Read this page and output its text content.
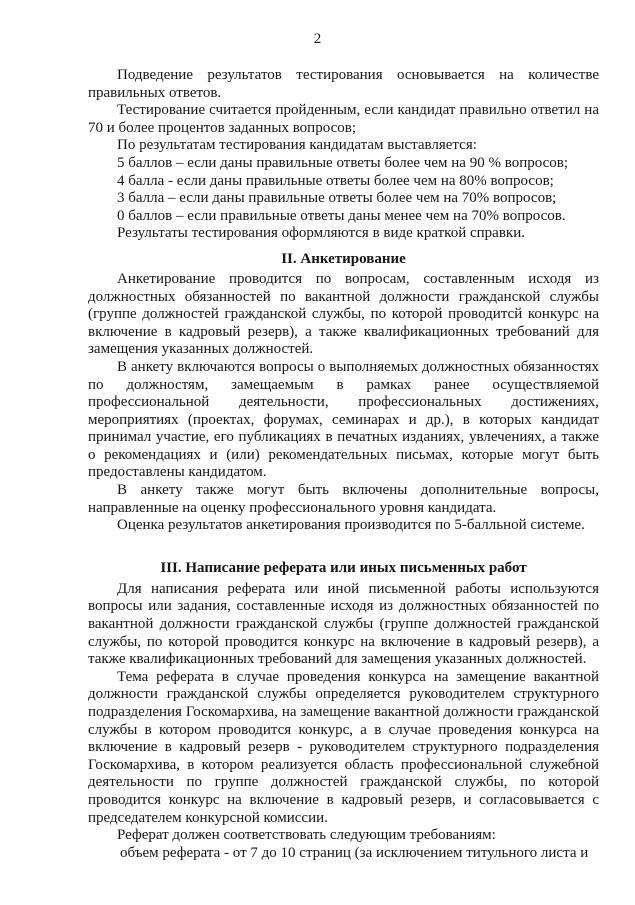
2

Подведение результатов тестирования основывается на количестве правильных ответов.

Тестирование считается пройденным, если кандидат правильно ответил на 70 и более процентов заданных вопросов;

По результатам тестирования кандидатам выставляется:

5 баллов – если даны правильные ответы более чем на 90 % вопросов;

4 балла - если даны правильные ответы более чем на 80% вопросов;

3 балла – если даны правильные ответы более чем на 70% вопросов;

0 баллов – если правильные ответы даны менее чем на 70% вопросов.

Результаты тестирования оформляются в виде краткой справки.

II. Анкетирование

Анкетирование проводится по вопросам, составленным исходя из должностных обязанностей по вакантной должности гражданской службы (группе должностей гражданской службы, по которой проводитсй конкурс на включение в кадровый резерв), а также квалификационных требований для замещения указанных должностей.

В анкету включаются вопросы о выполняемых должностных обязанностях по должностям, замещаемым в рамках ранее осуществляемой профессиональной деятельности, профессиональных достижениях, мероприятиях (проектах, форумах, семинарах и др.), в которых кандидат принимал участие, его публикациях в печатных изданиях, увлечениях, а также о рекомендациях и (или) рекомендательных письмах, которые могут быть предоставлены кандидатом.

В анкету также могут быть включены дополнительные вопросы, направленные на оценку профессионального уровня кандидата.

Оценка результатов анкетирования производится по 5-балльной системе.

III. Написание реферата или иных письменных работ

Для написания реферата или иной письменной работы используются вопросы или задания, составленные исходя из должностных обязанностей по вакантной должности гражданской службы (группе должностей гражданской службы, по которой проводится конкурс на включение в кадровый резерв), а также квалификационных требований для замещения указанных должностей.

Тема реферата в случае проведения конкурса на замещение вакантной должности гражданской службы определяется руководителем структурного подразделения Госкомархива, на замещение вакантной должности гражданской службы в котором проводится конкурс, а в случае проведения конкурса на включение в кадровый резерв - руководителем структурного подразделения Госкомархива, в котором реализуется область профессиональной служебной деятельности по группе должностей гражданской службы, по которой проводится конкурс на включение в кадровый резерв, и согласовывается с председателем конкурсной комиссии.

Реферат должен соответствовать следующим требованиям:

объем реферата - от 7 до 10 страниц (за исключением титульного листа и
